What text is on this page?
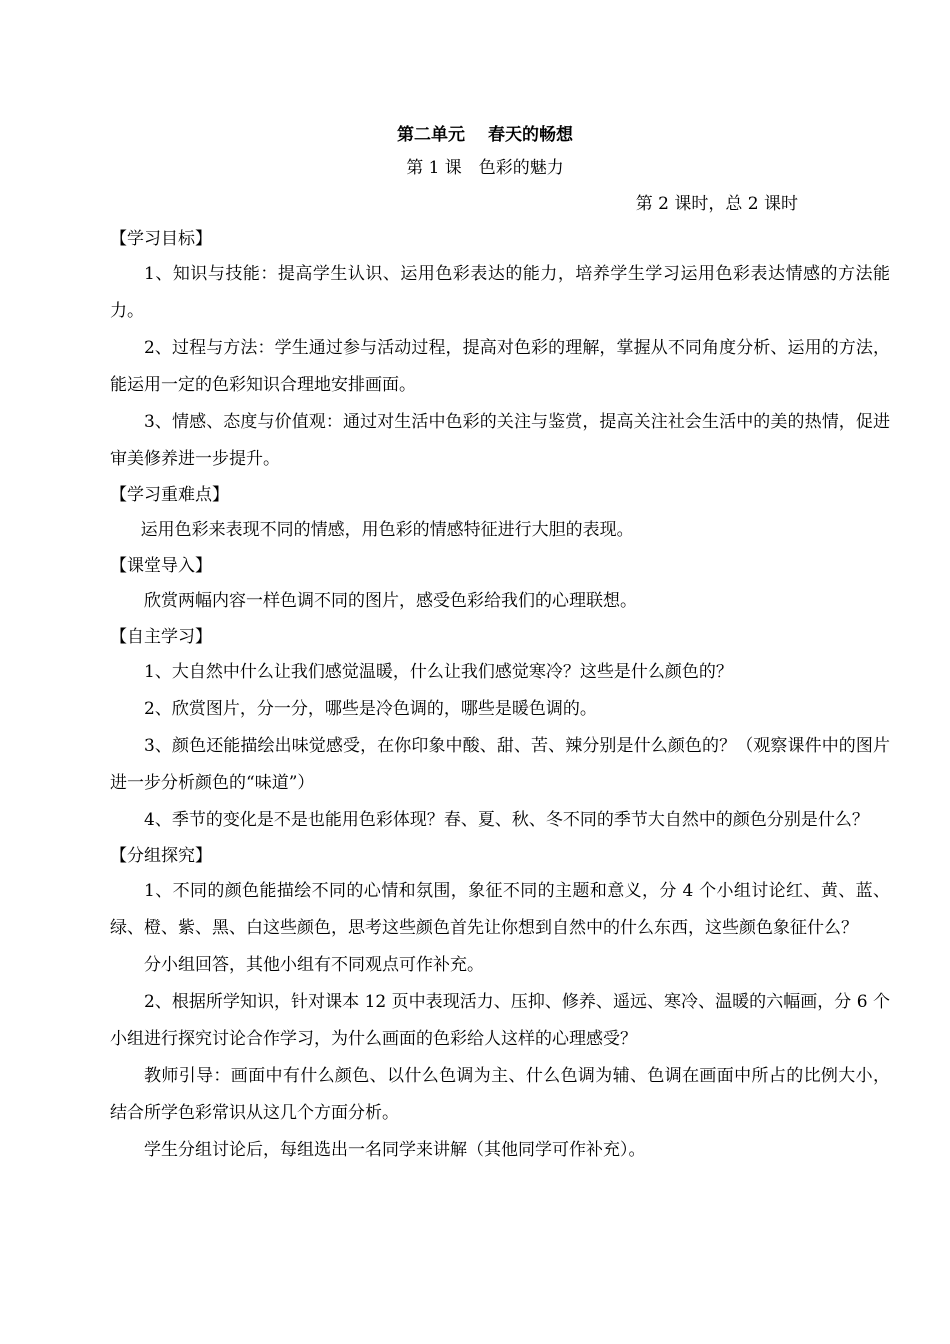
第二单元　 春天的畅想
第 1 课　色彩的魅力
第 2 课时，总 2 课时
【学习目标】

1、知识与技能：提高学生认识、运用色彩表达的能力，培养学生学习运用色彩表达情感的方法能力。

2、过程与方法：学生通过参与活动过程，提高对色彩的理解，掌握从不同角度分析、运用的方法，能运用一定的色彩知识合理地安排画面。

3、情感、态度与价值观：通过对生活中色彩的关注与鉴赏，提高关注社会生活中的美的热情，促进审美修养进一步提升。

【学习重难点】

运用色彩来表现不同的情感，用色彩的情感特征进行大胆的表现。

【课堂导入】

欣赏两幅内容一样色调不同的图片，感受色彩给我们的心理联想。

【自主学习】

1、大自然中什么让我们感觉温暖，什么让我们感觉寒冷？这些是什么颜色的？

2、欣赏图片，分一分，哪些是冷色调的，哪些是暖色调的。

3、颜色还能描绘出味觉感受，在你印象中酸、甜、苦、辣分别是什么颜色的？（观察课件中的图片进一步分析颜色的“味道”）

4、季节的变化是不是也能用色彩体现？春、夏、秋、冬不同的季节大自然中的颜色分别是什么？

【分组探究】

1、不同的颜色能描绘不同的心情和氛围，象征不同的主题和意义，分 4 个小组讨论红、黄、蓝、绿、橙、紫、黑、白这些颜色，思考这些颜色首先让你想到自然中的什么东西，这些颜色象征什么？

分小组回答，其他小组有不同观点可作补充。

2、根据所学知识，针对课本 12 页中表现活力、压抑、修养、遥远、寒冷、温暖的六幅画，分 6 个小组进行探究讨论合作学习，为什么画面的色彩给人这样的心理感受？

教师引导：画面中有什么颜色、以什么色调为主、什么色调为辅、色调在画面中所占的比例大小，结合所学色彩常识从这几个方面分析。

学生分组讨论后，每组选出一名同学来讲解（其他同学可作补充）。
